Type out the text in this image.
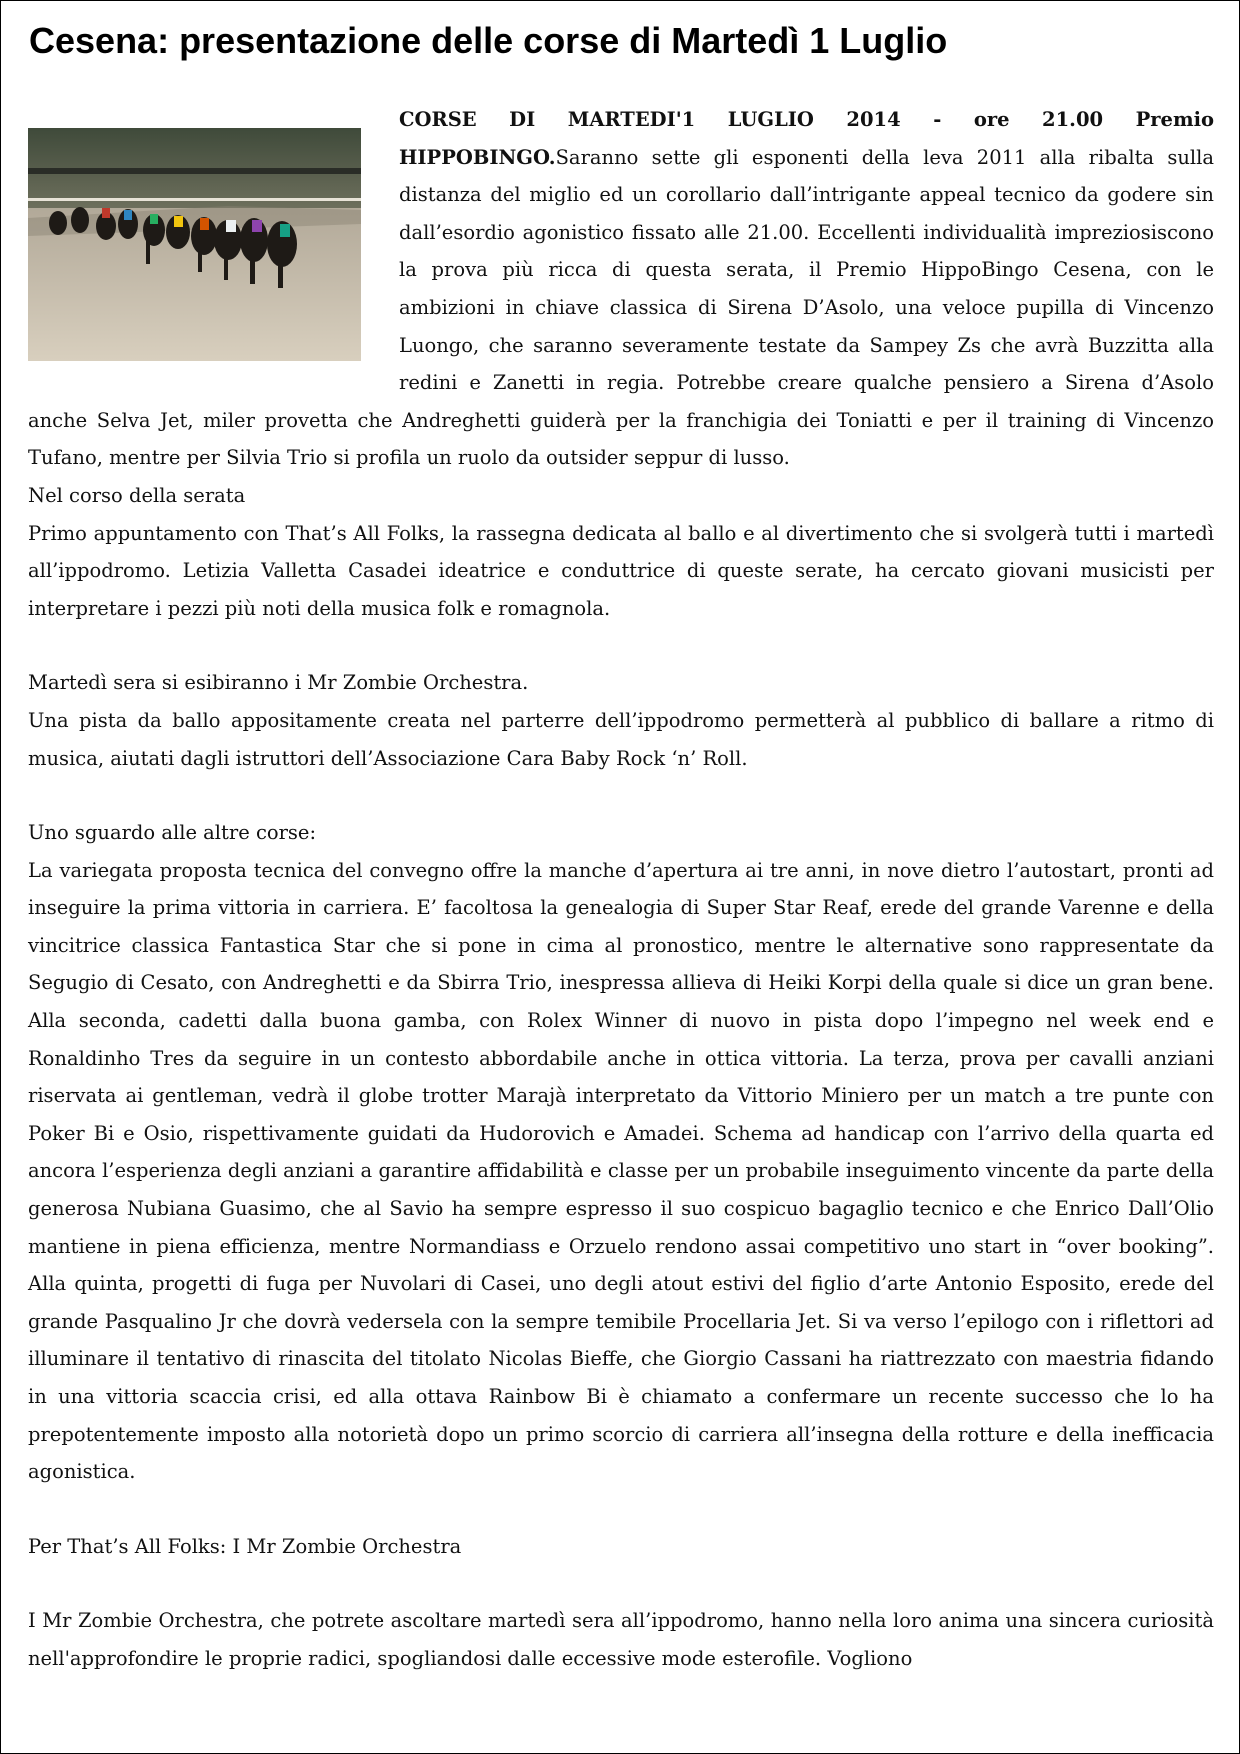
Cesena: presentazione delle corse di Martedì 1 Luglio

CORSE DI MARTEDI'1 LUGLIO 2014 - ore 21.00 Premio HIPPOBINGO.Saranno sette gli esponenti della leva 2011 alla ribalta sulla distanza del miglio ed un corollario dall’intrigante appeal tecnico da godere sin dall’esordio agonistico fissato alle 21.00. Eccellenti individualità impreziosiscono la prova più ricca di questa serata, il Premio HippoBingo Cesena, con le ambizioni in chiave classica di Sirena D’Asolo, una veloce pupilla di Vincenzo Luongo, che saranno severamente testate da Sampey Zs che avrà Buzzitta alla redini e Zanetti in regia. Potrebbe creare qualche pensiero a Sirena d’Asolo anche Selva Jet, miler provetta che Andreghetti guiderà per la franchigia dei Toniatti e per il training di Vincenzo Tufano, mentre per Silvia Trio si profila un ruolo da outsider seppur di lusso.

Nel corso della serata

Primo appuntamento con That’s All Folks, la rassegna dedicata al ballo e al divertimento che si svolgerà tutti i martedì all’ippodromo. Letizia Valletta Casadei ideatrice e conduttrice di queste serate, ha cercato giovani musicisti per interpretare i pezzi più noti della musica folk e romagnola.

Martedì sera si esibiranno i Mr Zombie Orchestra.

Una pista da ballo appositamente creata nel parterre dell’ippodromo permetterà al pubblico di ballare a ritmo di musica, aiutati dagli istruttori dell’Associazione Cara Baby Rock ‘n’ Roll.

Uno sguardo alle altre corse:

La variegata proposta tecnica del convegno offre la manche d’apertura ai tre anni, in nove dietro l’autostart, pronti ad inseguire la prima vittoria in carriera. E’ facoltosa la genealogia di Super Star Reaf, erede del grande Varenne e della vincitrice classica Fantastica Star che si pone in cima al pronostico, mentre le alternative sono rappresentate da Segugio di Cesato, con Andreghetti e da Sbirra Trio, inespressa allieva di Heiki Korpi della quale si dice un gran bene. Alla seconda, cadetti dalla buona gamba, con Rolex Winner di nuovo in pista dopo l’impegno nel week end e Ronaldinho Tres da seguire in un contesto abbordabile anche in ottica vittoria. La terza, prova per cavalli anziani riservata ai gentleman, vedrà il globe trotter Marajà interpretato da Vittorio Miniero per un match a tre punte con Poker Bi e Osio, rispettivamente guidati da Hudorovich e Amadei. Schema ad handicap con l’arrivo della quarta ed ancora l’esperienza degli anziani a garantire affidabilità e classe per un probabile inseguimento vincente da parte della generosa Nubiana Guasimo, che al Savio ha sempre espresso il suo cospicuo bagaglio tecnico e che Enrico Dall’Olio mantiene in piena efficienza, mentre Normandiass e Orzuelo rendono assai competitivo uno start in “over booking”. Alla quinta, progetti di fuga per Nuvolari di Casei, uno degli atout estivi del figlio d’arte Antonio Esposito, erede del grande Pasqualino Jr che dovrà vedersela con la sempre temibile Procellaria Jet. Si va verso l’epilogo con i riflettori ad illuminare il tentativo di rinascita del titolato Nicolas Bieffe, che Giorgio Cassani ha riattrezzato con maestria fidando in una vittoria scaccia crisi, ed alla ottava Rainbow Bi è chiamato a confermare un recente successo che lo ha prepotentemente imposto alla notorietà dopo un primo scorcio di carriera all’insegna della rotture e della inefficacia agonistica.

Per That’s All Folks: I Mr Zombie Orchestra

I Mr Zombie Orchestra, che potrete ascoltare martedì sera all’ippodromo, hanno nella loro anima una sincera curiosità nell'approfondire le proprie radici, spogliandosi dalle eccessive mode esterofile. Vogliono
